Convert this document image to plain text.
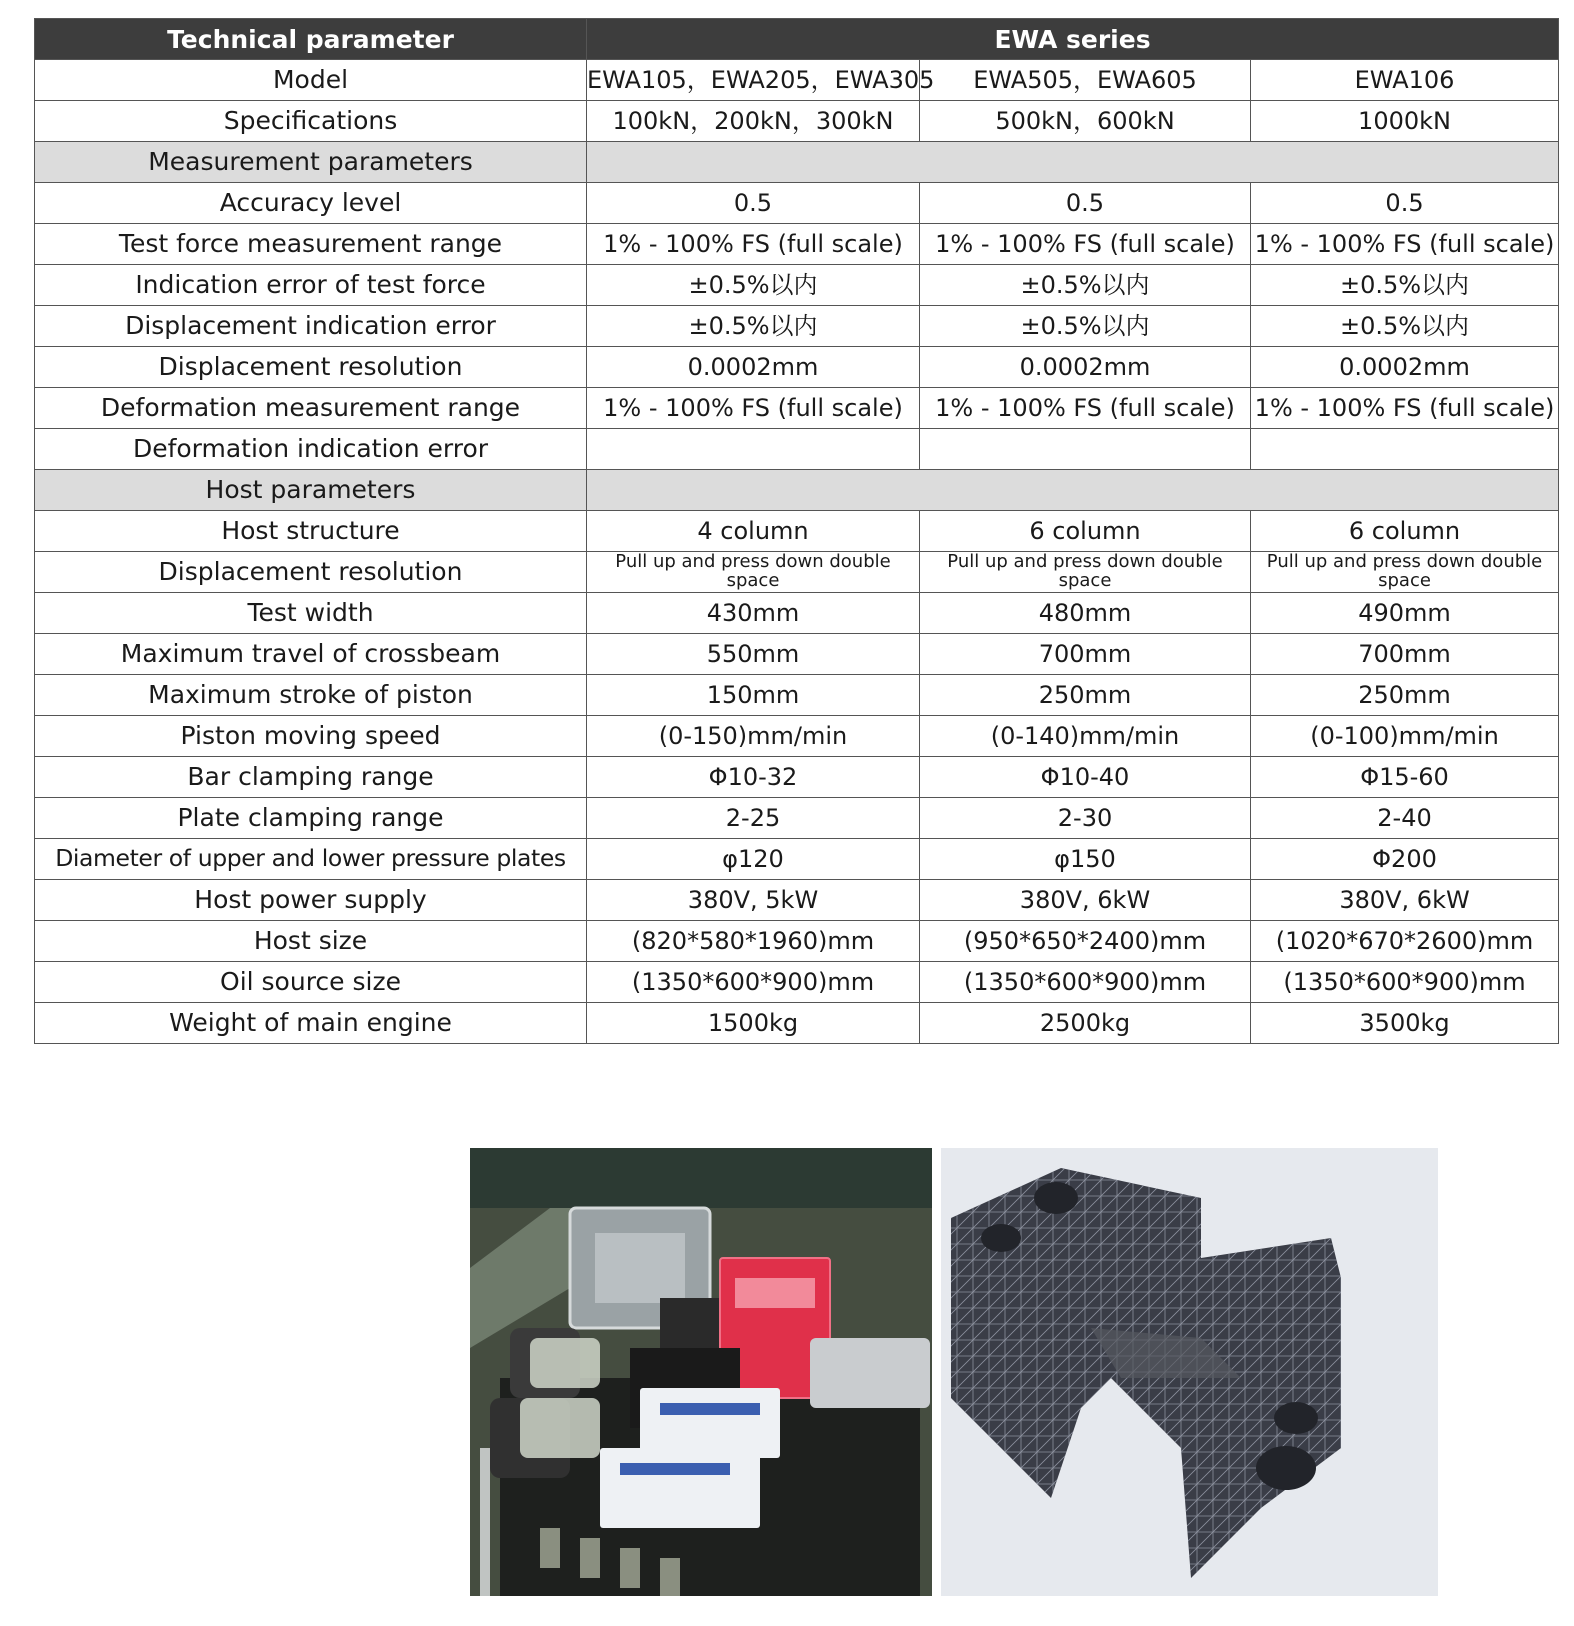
Technical parameter	EWA series		
Model	EWA105，EWA205，EWA305	EWA505，EWA605	EWA106
Specifications	100kN，200kN，300kN	500kN，600kN	1000kN
Measurement parameters			
Accuracy level	0.5	0.5	0.5
Test force measurement range	1% - 100% FS (full scale)	1% - 100% FS (full scale)	1% - 100% FS (full scale)
Indication error of test force	±0.5%以内	±0.5%以内	±0.5%以内
Displacement indication error	±0.5%以内	±0.5%以内	±0.5%以内
Displacement resolution	0.0002mm	0.0002mm	0.0002mm
Deformation measurement range	1% - 100% FS (full scale)	1% - 100% FS (full scale)	1% - 100% FS (full scale)
Deformation indication error			
Host parameters			
Host structure	4 column	6 column	6 column
Displacement resolution	Pull up and press down double space	Pull up and press down double space	Pull up and press down double space
Test width	430mm	480mm	490mm
Maximum travel of crossbeam	550mm	700mm	700mm
Maximum stroke of piston	150mm	250mm	250mm
Piston moving speed	(0-150)mm/min	(0-140)mm/min	(0-100)mm/min
Bar clamping range	Φ10-32	Φ10-40	Φ15-60
Plate clamping range	2-25	2-30	2-40
Diameter of upper and lower pressure plates	φ120	φ150	Φ200
Host power supply	380V, 5kW	380V, 6kW	380V, 6kW
Host size	(820*580*1960)mm	(950*650*2400)mm	(1020*670*2600)mm
Oil source size	(1350*600*900)mm	(1350*600*900)mm	(1350*600*900)mm
Weight of main engine	1500kg	2500kg	3500kg
